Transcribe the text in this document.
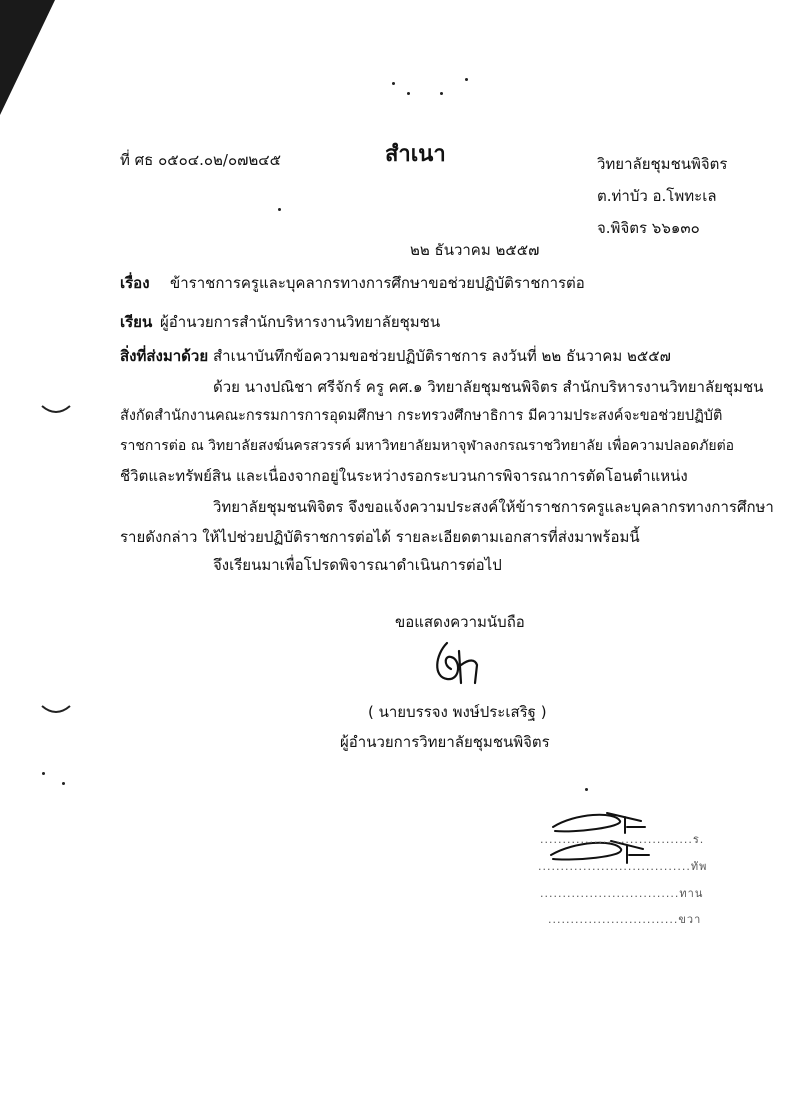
ที่ ศธ ๐๕๐๔.๐๒/๐๗๒๔๕	สำเนา	วิทยาลัยชุมชนพิจิตร
ต.ท่าบัว อ.โพทะเล
จ.พิจิตร ๖๖๑๓๐
๒๒ ธันวาคม ๒๕๕๗
เรื่อง ข้าราชการครูและบุคลากรทางการศึกษาขอช่วยปฏิบัติราชการต่อ
เรียน ผู้อำนวยการสำนักบริหารงานวิทยาลัยชุมชน
สิ่งที่ส่งมาด้วย สำเนาบันทึกข้อความขอช่วยปฏิบัติราชการ ลงวันที่ ๒๒ ธันวาคม ๒๕๕๗
ด้วย นางปณิชา ศรีจักร์ ครู คศ.๑ วิทยาลัยชุมชนพิจิตร สำนักบริหารงานวิทยาลัยชุมชน
สังกัดสำนักงานคณะกรรมการการอุดมศึกษา กระทรวงศึกษาธิการ มีความประสงค์จะขอช่วยปฏิบัติ
ราชการต่อ ณ วิทยาลัยสงฆ์นครสวรรค์ มหาวิทยาลัยมหาจุฬาลงกรณราชวิทยาลัย เพื่อความปลอดภัยต่อ
ชีวิตและทรัพย์สิน และเนื่องจากอยู่ในระหว่างรอกระบวนการพิจารณาการตัดโอนตำแหน่ง
วิทยาลัยชุมชนพิจิตร จึงขอแจ้งความประสงค์ให้ข้าราชการครูและบุคลากรทางการศึกษา
รายดังกล่าว ให้ไปช่วยปฏิบัติราชการต่อได้ รายละเอียดตามเอกสารที่ส่งมาพร้อมนี้
จึงเรียนมาเพื่อโปรดพิจารณาดำเนินการต่อไป
ขอแสดงความนับถือ
( นายบรรจง พงษ์ประเสริฐ )
ผู้อำนวยการวิทยาลัยชุมชนพิจิตร
..................................ร.
..................................ทัพ
...............................ทาน
.............................ขวา
